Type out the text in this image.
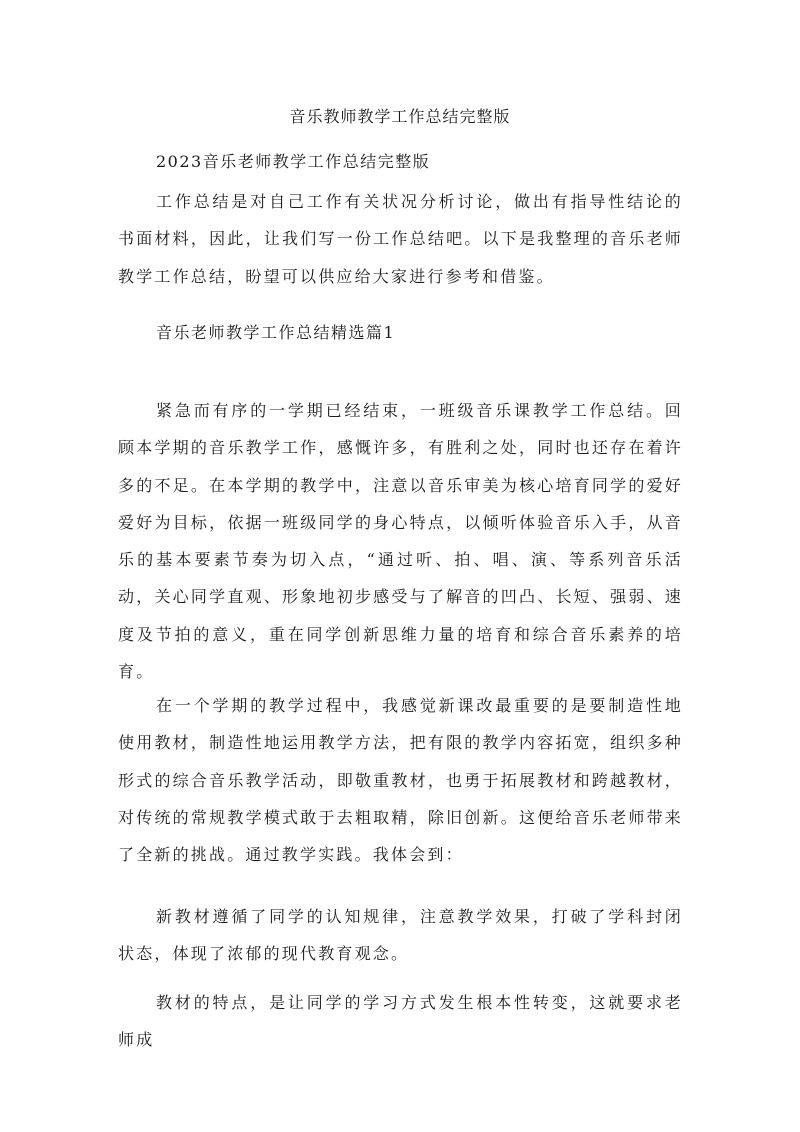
音乐教师教学工作总结完整版
2023音乐老师教学工作总结完整版
工作总结是对自己工作有关状况分析讨论，做出有指导性结论的书面材料，因此，让我们写一份工作总结吧。以下是我整理的音乐老师教学工作总结，盼望可以供应给大家进行参考和借鉴。
音乐老师教学工作总结精选篇1
紧急而有序的一学期已经结束，一班级音乐课教学工作总结。回顾本学期的音乐教学工作，感慨许多，有胜利之处，同时也还存在着许多的不足。在本学期的教学中，注意以音乐审美为核心培育同学的爱好爱好为目标，依据一班级同学的身心特点，以倾听体验音乐入手，从音乐的基本要素节奏为切入点，“通过听、拍、唱、演、等系列音乐活动，关心同学直观、形象地初步感受与了解音的凹凸、长短、强弱、速度及节拍的意义，重在同学创新思维力量的培育和综合音乐素养的培育。
在一个学期的教学过程中，我感觉新课改最重要的是要制造性地使用教材，制造性地运用教学方法，把有限的教学内容拓宽，组织多种形式的综合音乐教学活动，即敬重教材，也勇于拓展教材和跨越教材，对传统的常规教学模式敢于去粗取精，除旧创新。这便给音乐老师带来了全新的挑战。通过教学实践。我体会到：
新教材遵循了同学的认知规律，注意教学效果，打破了学科封闭状态，体现了浓郁的现代教育观念。
教材的特点，是让同学的学习方式发生根本性转变，这就要求老师成
